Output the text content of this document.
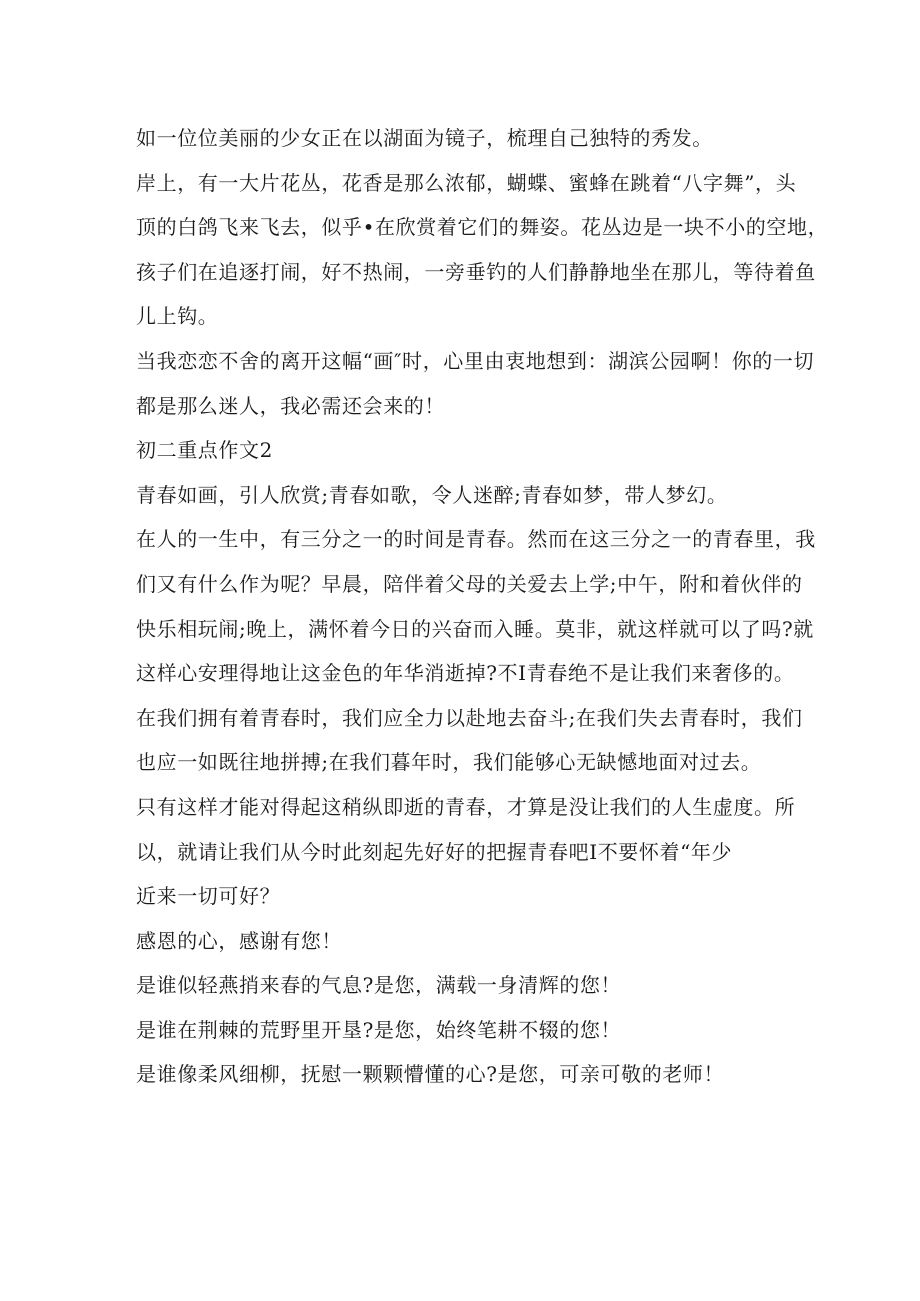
如一位位美丽的少女正在以湖面为镜子，梳理自己独特的秀发。

岸上，有一大片花丛，花香是那么浓郁，蝴蝶、蜜蜂在跳着“八字舞”，头

顶的白鸽飞来飞去，似乎•在欣赏着它们的舞姿。花丛边是一块不小的空地，

孩子们在追逐打闹，好不热闹，一旁垂钓的人们静静地坐在那儿，等待着鱼

儿上钩。

当我恋恋不舍的离开这幅“画″时，心里由衷地想到：湖滨公园啊！你的一切

都是那么迷人，我必需还会来的！

初二重点作文2

青春如画，引人欣赏;青春如歌，令人迷醉;青春如梦，带人梦幻。

在人的一生中，有三分之一的时间是青春。然而在这三分之一的青春里，我

们又有什么作为呢？早晨，陪伴着父母的关爱去上学;中午，附和着伙伴的

快乐相玩闹;晚上，满怀着今日的兴奋而入睡。莫非，就这样就可以了吗?就

这样心安理得地让这金色的年华消逝掉?不I青春绝不是让我们来奢侈的。

在我们拥有着青春时，我们应全力以赴地去奋斗;在我们失去青春时，我们

也应一如既往地拼搏;在我们暮年时，我们能够心无缺憾地面对过去。

只有这样才能对得起这稍纵即逝的青春，才算是没让我们的人生虚度。所

以，就请让我们从今时此刻起先好好的把握青春吧I不要怀着“年少

近来一切可好？

感恩的心，感谢有您！

是谁似轻燕捎来春的气息?是您，满载一身清辉的您！

是谁在荆棘的荒野里开垦?是您，始终笔耕不辍的您！

是谁像柔风细柳，抚慰一颗颗懵懂的心?是您，可亲可敬的老师！
